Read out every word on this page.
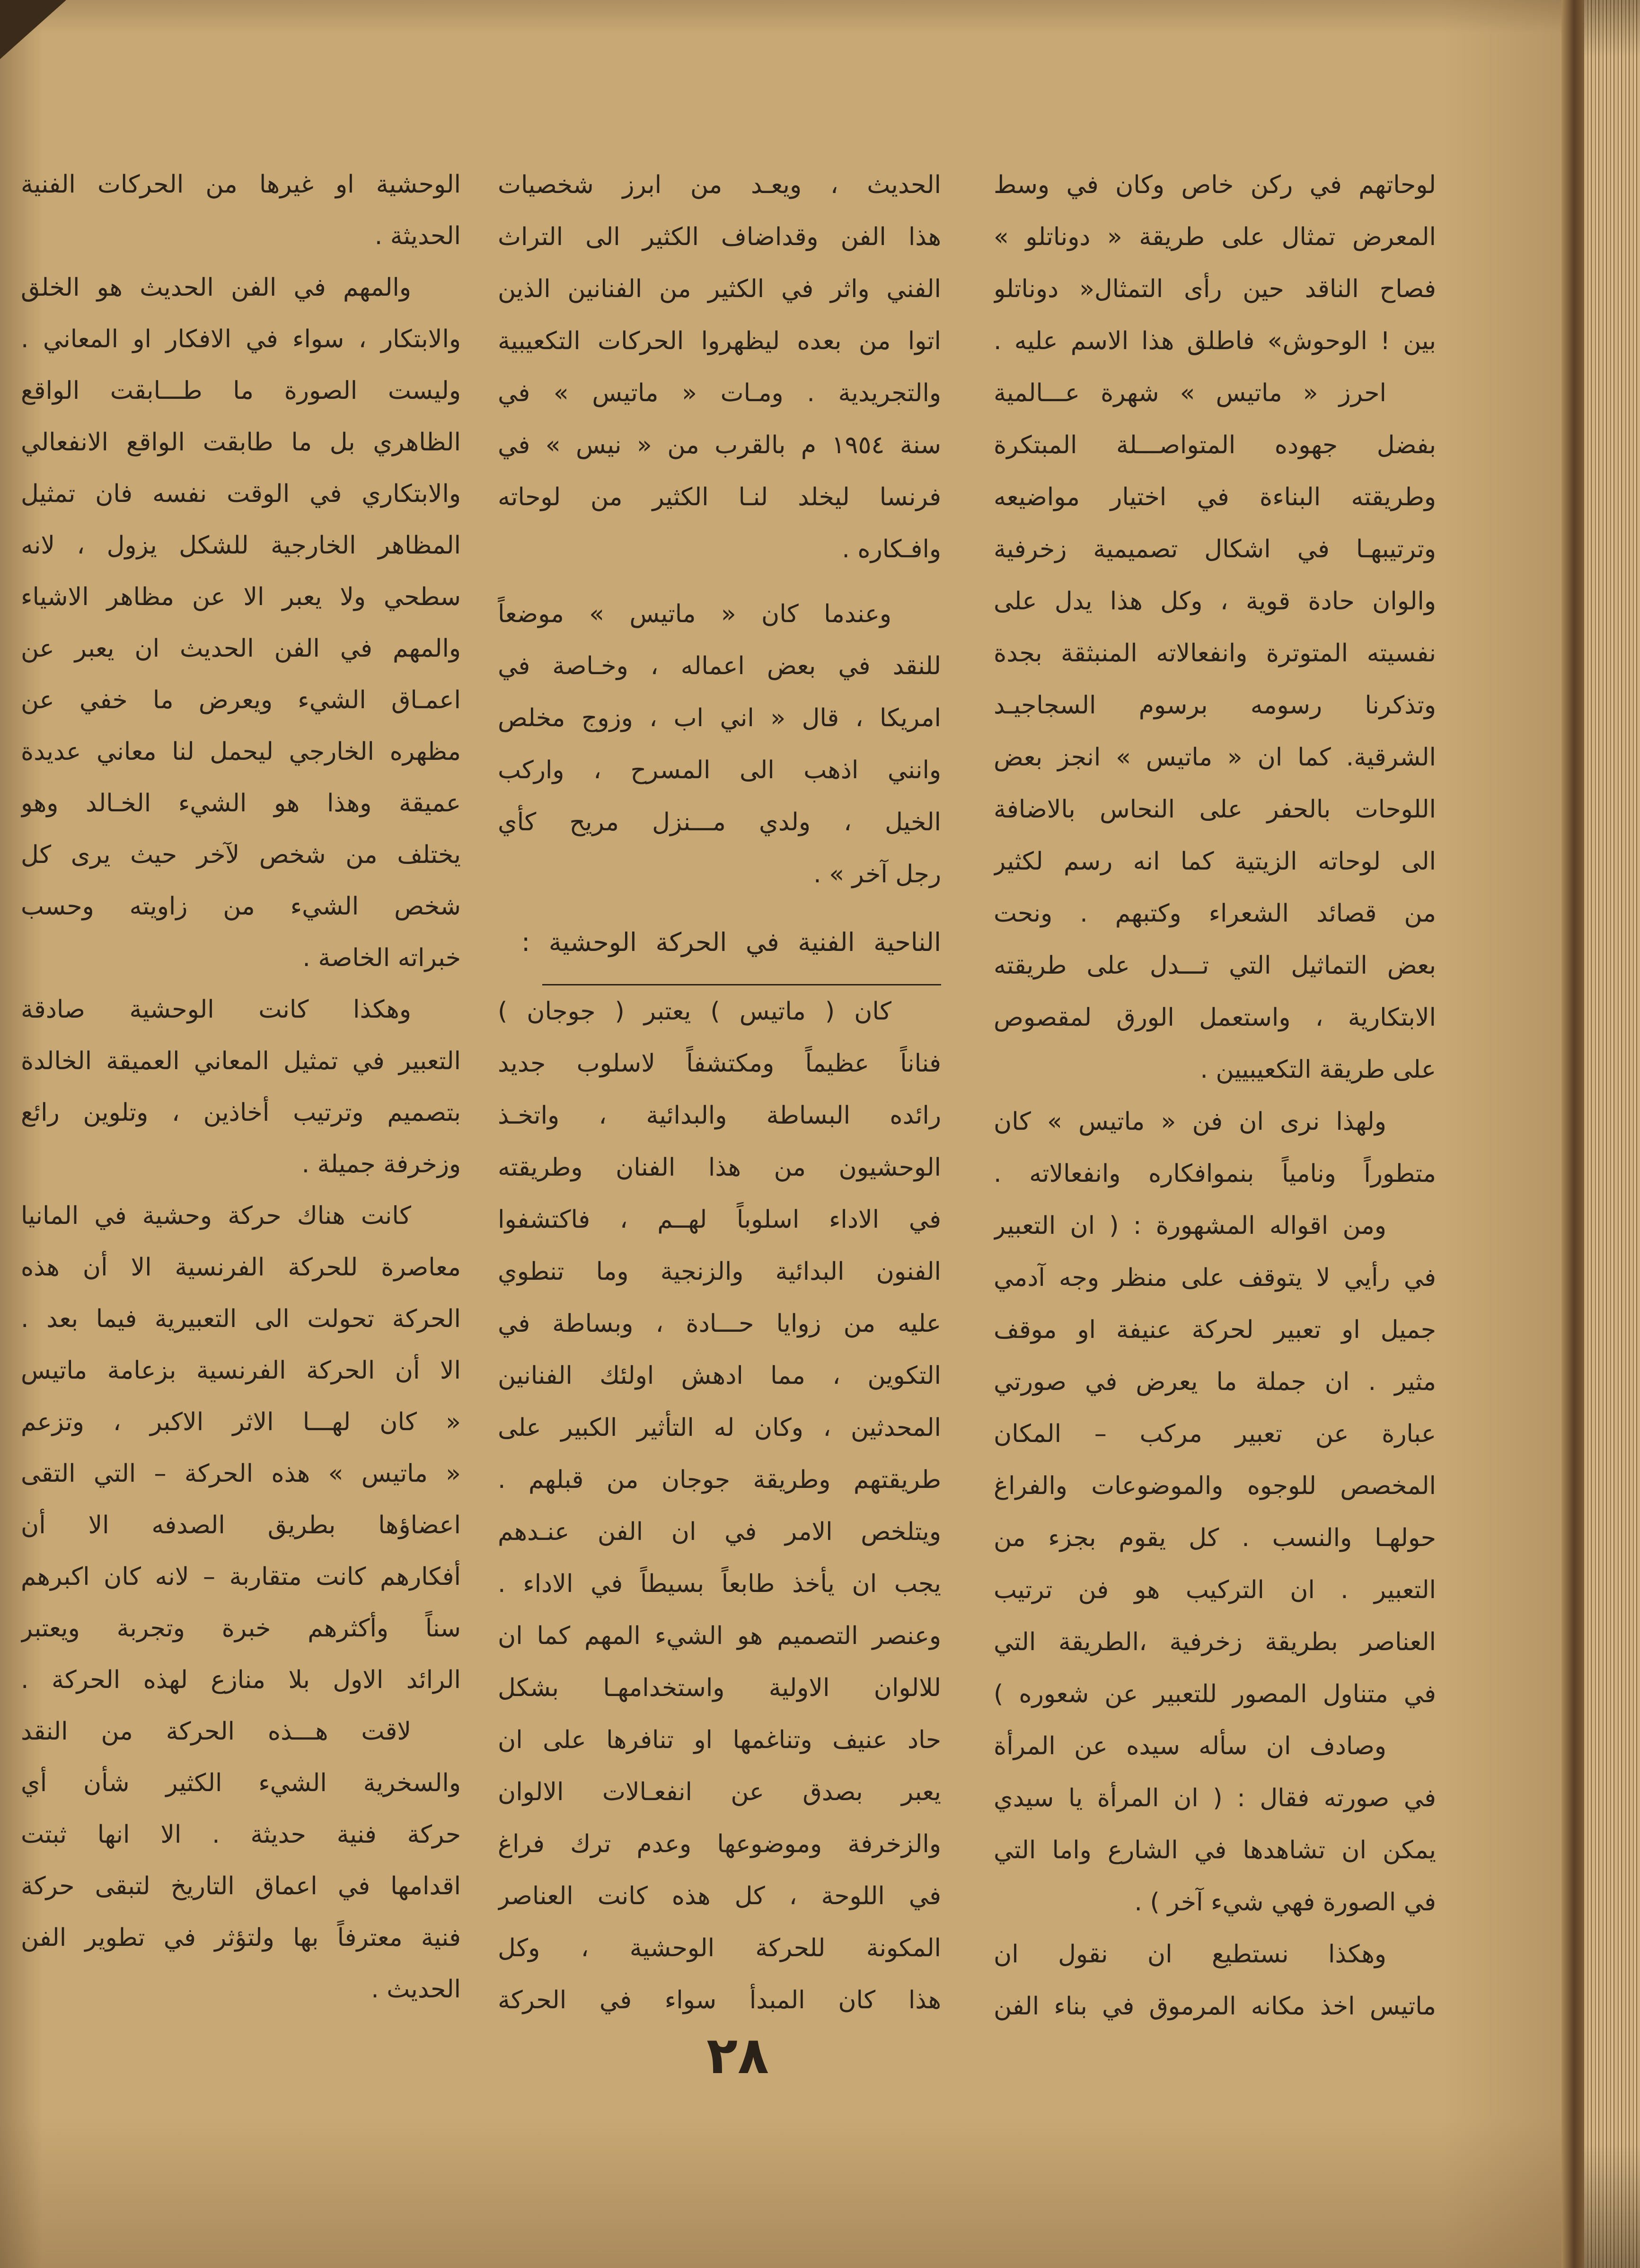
لوحاتهم في ركن خاص وكان في وسط
المعرض تمثال على طريقة « دوناتلو »
فصاح الناقد حين رأى التمثال« دوناتلو
بين ! الوحوش» فاطلق هذا الاسم عليه .
احرز « ماتيس » شهرة عـــالمية
بفضل جهوده المتواصـــلة المبتكرة
وطريقته البناءة في اختيار مواضيعه
وترتيبهـا في اشكال تصميمية زخرفية
والوان حادة قوية ، وكل هذا يدل على
نفسيته المتوترة وانفعالاته المنبثقة بجدة
وتذكرنا رسومه برسوم السجاجيـد
الشرقية. كما ان « ماتيس » انجز بعض
اللوحات بالحفر على النحاس بالاضافة
الى لوحاته الزيتية كما انه رسم لكثير
من قصائد الشعراء وكتبهم . ونحت
بعض التماثيل التي تـــدل على طريقته
الابتكارية ، واستعمل الورق لمقصوص
على طريقة التكعيبيين .
ولهذا نرى ان فن « ماتيس » كان
متطوراً ونامياً بنموافكاره وانفعالاته .
ومن اقواله المشهورة : ( ان التعبير
في رأيي لا يتوقف على منظر وجه آدمي
جميل او تعبير لحركة عنيفة او موقف
مثير . ان جملة ما يعرض في صورتي
عبارة عن تعبير مركب – المكان
المخصص للوجوه والموضوعات والفراغ
حولهـا والنسب . كل يقوم بجزء من
التعبير . ان التركيب هو فن ترتيب
العناصر بطريقة زخرفية ،الطريقة التي
في متناول المصور للتعبير عن شعوره )
وصادف ان سأله سيده عن المرأة
في صورته فقال : ( ان المرأة يا سيدي
يمكن ان تشاهدها في الشارع واما التي
في الصورة فهي شيء آخر ) .
وهكذا نستطيع ان نقول ان
ماتيس اخذ مكانه المرموق في بناء الفن
الحديث ، ويعـد من ابرز شخصيات
هذا الفن وقداضاف الكثير الى التراث
الفني واثر في الكثير من الفنانين الذين
اتوا من بعده ليظهروا الحركات التكعيبية
والتجريدية . ومـات « ماتيس » في
سنة ١٩٥٤ م بالقرب من « نيس » في
فرنسا ليخلد لنـا الكثير من لوحاته
وافـكاره .
وعندما كان « ماتيس » موضعاً
للنقد في بعض اعماله ، وخـاصة في
امريكا ، قال « اني اب ، وزوج مخلص
وانني اذهب الى المسرح ، واركب
الخيل ، ولدي مـــنزل مريح كأي
رجل آخر » .
الناحية الفنية في الحركة الوحشية :
كان ( ماتيس ) يعتبر ( جوجان )
فناناً عظيماً ومكتشفاً لاسلوب جديد
رائده البساطة والبدائية ، واتخـذ
الوحشيون من هذا الفنان وطريقته
في الاداء اسلوباً لهــم ، فاكتشفوا
الفنون البدائية والزنجية وما تنطوي
عليه من زوايا حـــادة ، وبساطة في
التكوين ، مما ادهش اولئك الفنانين
المحدثين ، وكان له التأثير الكبير على
طريقتهم وطريقة جوجان من قبلهم .
ويتلخص الامر في ان الفن عنـدهم
يجب ان يأخذ طابعاً بسيطاً في الاداء .
وعنصر التصميم هو الشيء المهم كما ان
للالوان الاولية واستخدامهـا بشكل
حاد عنيف وتناغمها او تنافرها على ان
يعبر بصدق عن انفعـالات الالوان
والزخرفة وموضوعها وعدم ترك فراغ
في اللوحة ، كل هذه كانت العناصر
المكونة للحركة الوحشية ، وكل
هذا كان المبدأ سواء في الحركة
الوحشية او غيرها من الحركات الفنية
الحديثة .
والمهم في الفن الحديث هو الخلق
والابتكار ، سواء في الافكار او المعاني .
وليست الصورة ما طـــابقت الواقع
الظاهري بل ما طابقت الواقع الانفعالي
والابتكاري في الوقت نفسه فان تمثيل
المظاهر الخارجية للشكل يزول ، لانه
سطحي ولا يعبر الا عن مظاهر الاشياء
والمهم في الفن الحديث ان يعبر عن
اعمـاق الشيء ويعرض ما خفي عن
مظهره الخارجي ليحمل لنا معاني عديدة
عميقة وهذا هو الشيء الخـالد وهو
يختلف من شخص لآخر حيث يرى كل
شخص الشيء من زاويته وحسب
خبراته الخاصة .
وهكذا كانت الوحشية صادقة
التعبير في تمثيل المعاني العميقة الخالدة
بتصميم وترتيب أخاذين ، وتلوين رائع
وزخرفة جميلة .
كانت هناك حركة وحشية في المانيا
معاصرة للحركة الفرنسية الا أن هذه
الحركة تحولت الى التعبيرية فيما بعد .
الا أن الحركة الفرنسية بزعامة ماتيس
« كان لهـــا الاثر الاكبر ، وتزعم
« ماتيس » هذه الحركة – التي التقى
اعضاؤها بطريق الصدفه الا أن
أفكارهم كانت متقاربة – لانه كان اكبرهم
سناً وأكثرهم خبرة وتجربة ويعتبر
الرائد الاول بلا منازع لهذه الحركة .
لاقت هـــذه الحركة من النقد
والسخرية الشيء الكثير شأن أي
حركة فنية حديثة . الا انها ثبتت
اقدامها في اعماق التاريخ لتبقى حركة
فنية معترفاً بها ولتؤثر في تطوير الفن
الحديث .
٢٨
